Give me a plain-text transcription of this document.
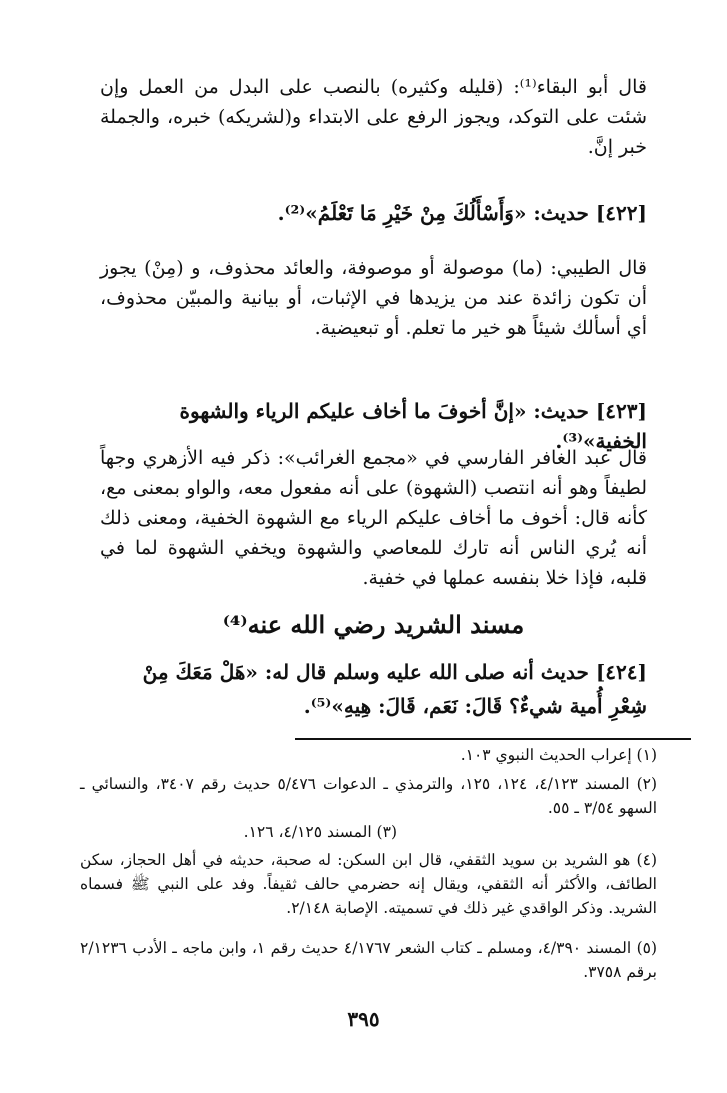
قال أبو البقاء⁽¹⁾: (قليله وكثيره) بالنصب على البدل من العمل وإن شئت على التوكد، ويجوز الرفع على الابتداء و(لشريكه) خبره، والجملة خبر إنَّ.

[٤٢٢] حديث: «وَأَسْأَلُكَ مِنْ خَيْرِ مَا تَعْلَمُ»⁽²⁾.

قال الطيبي: (ما) موصولة أو موصوفة، والعائد محذوف، و (مِنْ) يجوز أن تكون زائدة عند من يزيدها في الإثبات، أو بيانية والمبيّن محذوف، أي أسألك شيئاً هو خير ما تعلم. أو تبعيضية.

[٤٢٣] حديث: «إنَّ أخوفَ ما أخاف عليكم الرياء والشهوة الخفية»⁽³⁾.

قال عبد الغافر الفارسي في «مجمع الغرائب»: ذكر فيه الأزهري وجهاً لطيفاً وهو أنه انتصب (الشهوة) على أنه مفعول معه، والواو بمعنى مع، كأنه قال: أخوف ما أخاف عليكم الرياء مع الشهوة الخفية، ومعنى ذلك أنه يُري الناس أنه تارك للمعاصي والشهوة ويخفي الشهوة لما في قلبه، فإذا خلا بنفسه عملها في خفية.

مسند الشريد رضي الله عنه⁽⁴⁾

[٤٢٤] حديث أنه صلى الله عليه وسلم قال له: «هَلْ مَعَكَ مِنْ شِعْرِ أُمية شيءٌ؟ قَالَ: نَعَم، قَالَ: هِيهِ»⁽⁵⁾.

(١) إعراب الحديث النبوي ١٠٣.

(٢) المسند ٤/١٢٣، ١٢٤، ١٢٥، والترمذي ـ الدعوات ٥/٤٧٦ حديث رقم ٣٤٠٧، والنسائي ـ السهو ٣/٥٤ ـ ٥٥.

(٣) المسند ٤/١٢٥، ١٢٦.

(٤) هو الشريد بن سويد الثقفي، قال ابن السكن: له صحبة، حديثه في أهل الحجاز، سكن الطائف، والأكثر أنه الثقفي، ويقال إنه حضرمي حالف ثقيفاً. وفد على النبي ﷺ فسماه الشريد. وذكر الواقدي غير ذلك في تسميته. الإصابة ٢/١٤٨.

(٥) المسند ٤/٣٩٠، ومسلم ـ كتاب الشعر ٤/١٧٦٧ حديث رقم ١، وابن ماجه ـ الأدب ٢/١٢٣٦ برقم ٣٧٥٨.

٣٩٥
